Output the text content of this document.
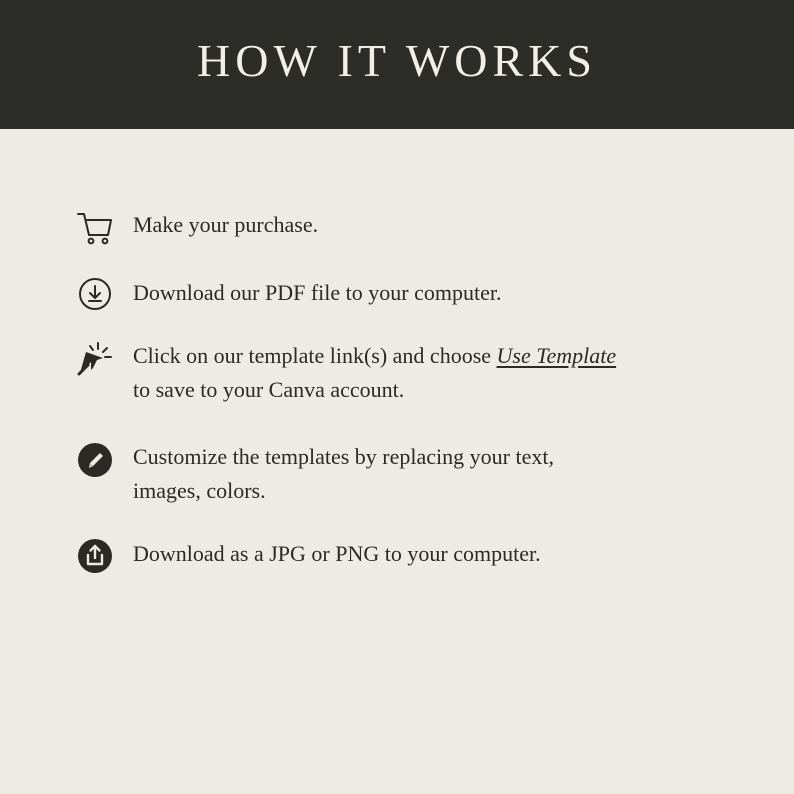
HOW IT WORKS
Make your purchase.
Download our PDF file to your computer.
Click on our template link(s) and choose Use Template
to save to your Canva account.
Customize the templates by replacing your text,
images, colors.
Download as a JPG or PNG to your computer.
